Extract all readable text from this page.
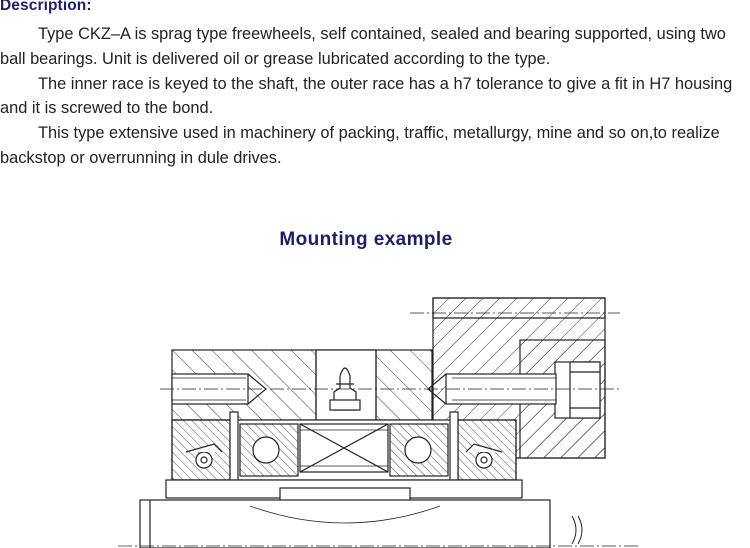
Description:
Type CKZ–A is sprag type freewheels, self contained, sealed and bearing supported, using two
ball bearings. Unit is delivered oil or grease lubricated according to the type.
The inner race is keyed to the shaft, the outer race has a h7 tolerance to give a fit in H7 housing
and it is screwed to the bond.
This type extensive used in machinery of packing, traffic, metallurgy, mine and so on,to realize
backstop or overrunning in dule drives.
Mounting example
